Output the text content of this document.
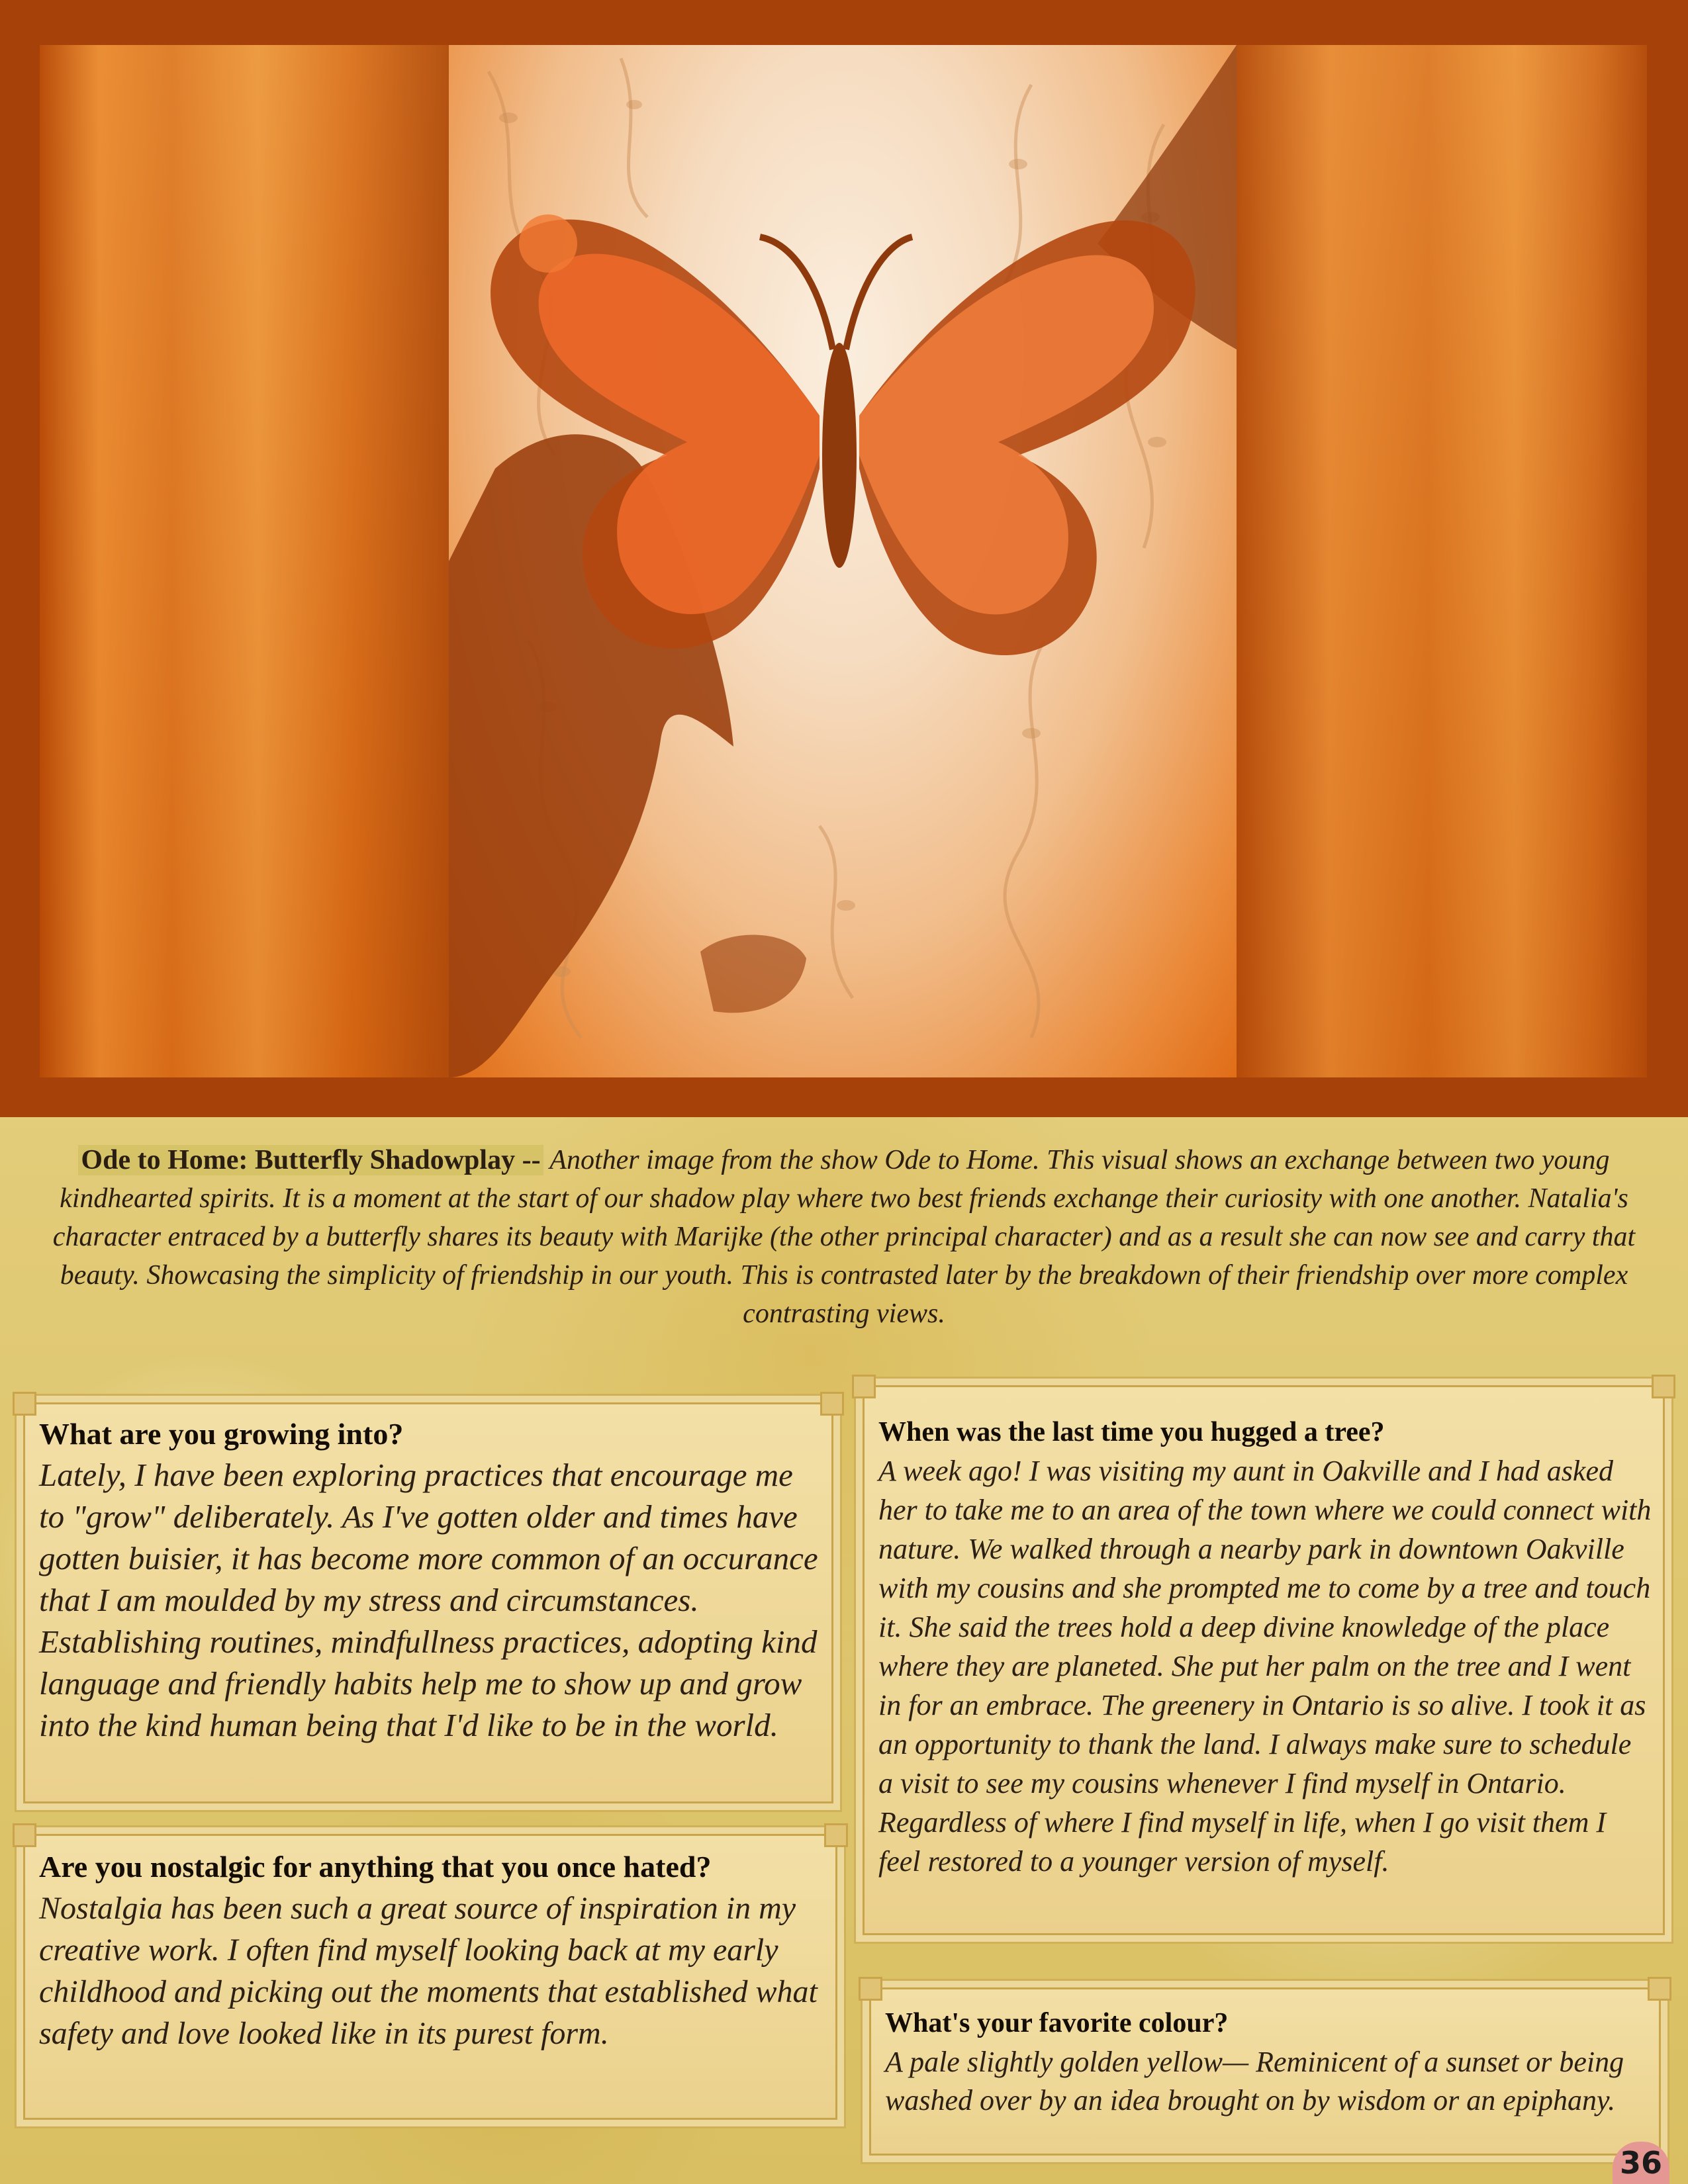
Ode to Home: Butterfly Shadowplay -- Another image from the show Ode to Home. This visual shows an exchange between two young kindhearted spirits. It is a moment at the start of our shadow play where two best friends exchange their curiosity with one another. Natalia's character entraced by a butterfly shares its beauty with Marijke (the other principal character) and as a result she can now see and carry that beauty. Showcasing the simplicity of friendship in our youth. This is contrasted later by the breakdown of their friendship over more complex contrasting views.

What are you growing into?

Lately, I have been exploring practices that encourage me to "grow" deliberately. As I've gotten older and times have gotten buisier, it has become more common of an occurance that I am moulded by my stress and circumstances. Establishing routines, mindfullness practices, adopting kind language and friendly habits help me to show up and grow into the kind human being that I'd like to be in the world.

Are you nostalgic for anything that you once hated?

Nostalgia has been such a great source of inspiration in my creative work. I often find myself looking back at my early childhood and picking out the moments that established what safety and love looked like in its purest form.

When was the last time you hugged a tree?

A week ago! I was visiting my aunt in Oakville and I had asked her to take me to an area of the town where we could connect with nature. We walked through a nearby park in downtown Oakville with my cousins and she prompted me to come by a tree and touch it. She said the trees hold a deep divine knowledge of the place where they are planeted. She put her palm on the tree and I went in for an embrace. The greenery in Ontario is so alive. I took it as an opportunity to thank the land. I always make sure to schedule a visit to see my cousins whenever I find myself in Ontario. Regardless of where I find myself in life, when I go visit them I feel restored to a younger version of myself.

What's your favorite colour?

A pale slightly golden yellow— Reminicent of a sunset or being washed over by an idea brought on by wisdom or an epiphany.

36
